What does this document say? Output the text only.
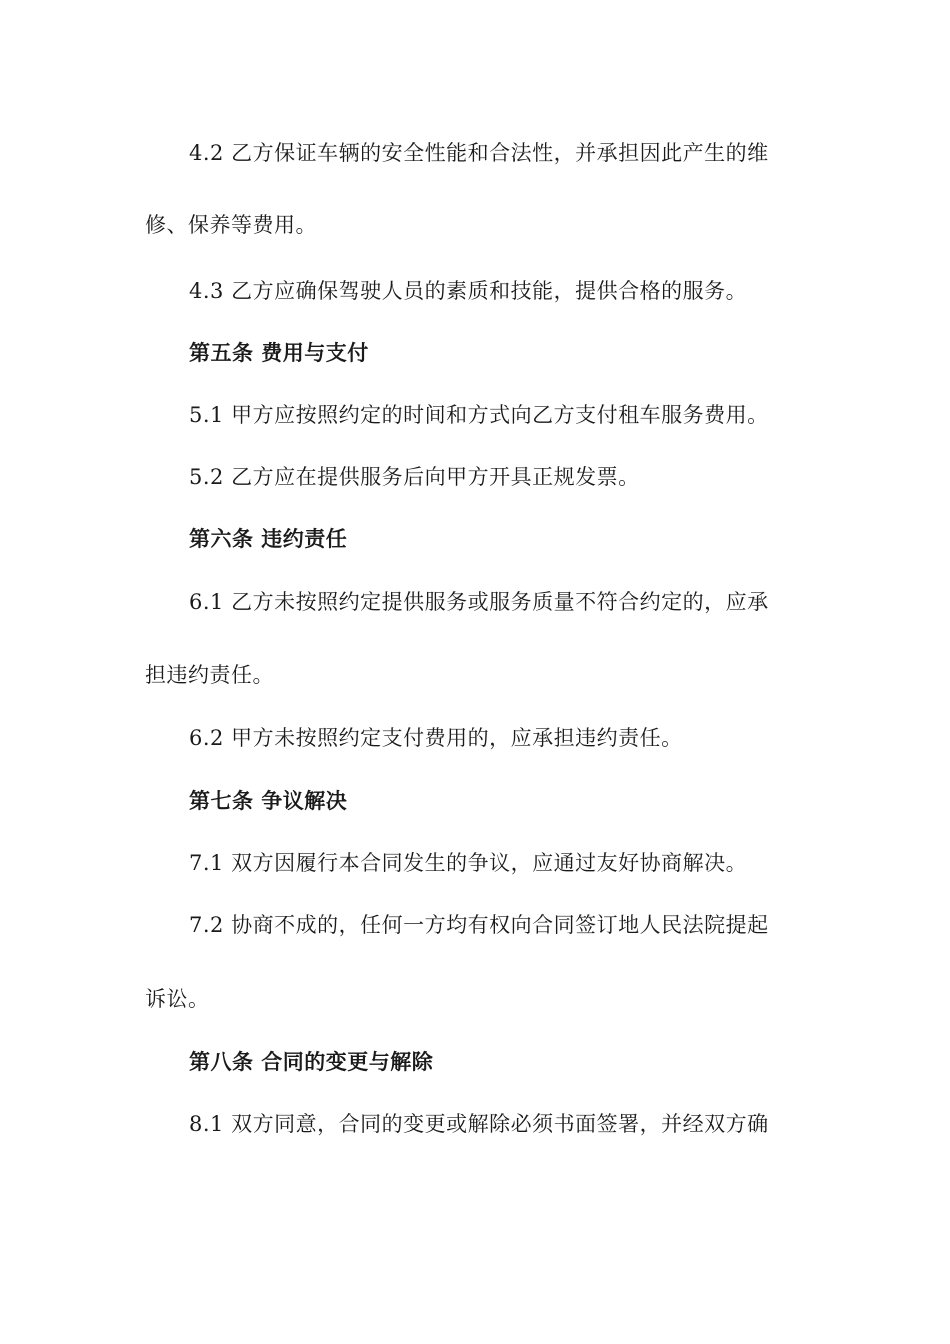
4.2 乙方保证车辆的安全性能和合法性，并承担因此产生的维

修、保养等费用。

4.3 乙方应确保驾驶人员的素质和技能，提供合格的服务。

第五条 费用与支付

5.1 甲方应按照约定的时间和方式向乙方支付租车服务费用。

5.2 乙方应在提供服务后向甲方开具正规发票。

第六条 违约责任

6.1 乙方未按照约定提供服务或服务质量不符合约定的，应承

担违约责任。

6.2 甲方未按照约定支付费用的，应承担违约责任。

第七条 争议解决

7.1 双方因履行本合同发生的争议，应通过友好协商解决。

7.2 协商不成的，任何一方均有权向合同签订地人民法院提起

诉讼。

第八条 合同的变更与解除

8.1 双方同意，合同的变更或解除必须书面签署，并经双方确
